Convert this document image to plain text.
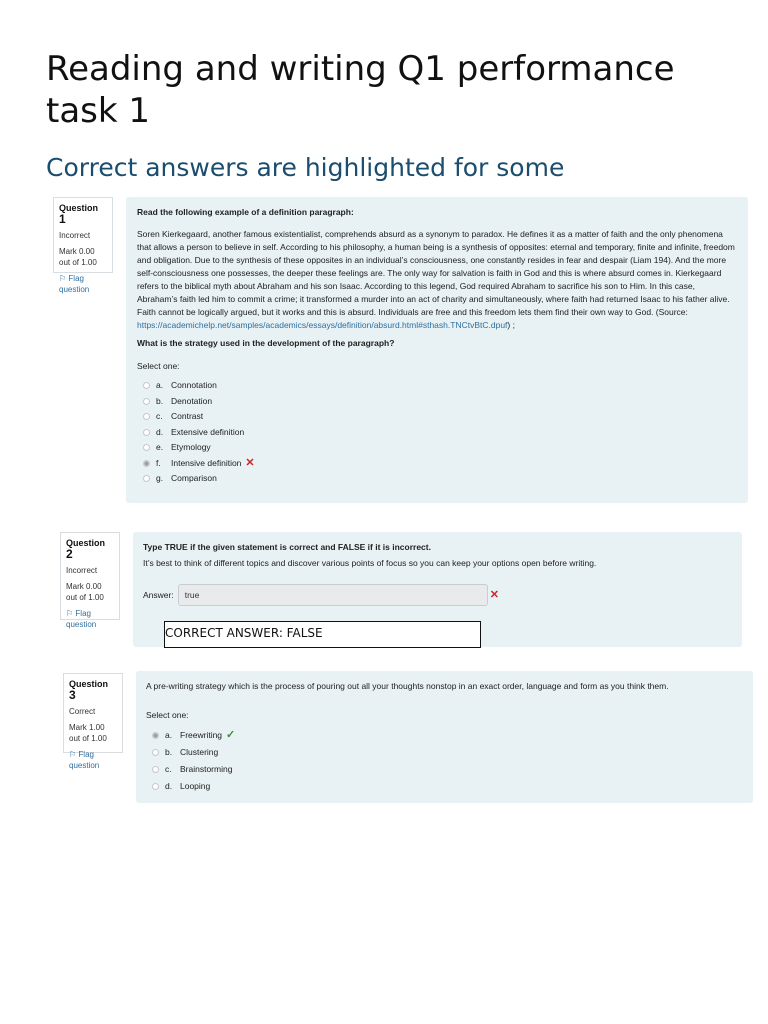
Reading and writing Q1 performance task 1
Correct answers are highlighted for some
Question 1
Incorrect
Mark 0.00 out of 1.00
⚐ Flag question
Read the following example of a definition paragraph:
Soren Kierkegaard, another famous existentialist, comprehends absurd as a synonym to paradox. He defines it as a matter of faith and the only phenomena that allows a person to believe in self. According to his philosophy, a human being is a synthesis of opposites: eternal and temporary, finite and infinite, freedom and obligation. Due to the synthesis of these opposites in an individual’s consciousness, one constantly resides in fear and despair (Liam 194). And the more self-consciousness one possesses, the deeper these feelings are. The only way for salvation is faith in God and this is where absurd comes in. Kierkegaard refers to the biblical myth about Abraham and his son Isaac. According to this legend, God required Abraham to sacrifice his son to Him. In this case, Abraham’s faith led him to commit a crime; it transformed a murder into an act of charity and simultaneously, where faith had returned Isaac to his father alive. Faith cannot be logically argued, but it works and this is absurd. Individuals are free and this freedom lets them find their own way to God. (Source: https://academichelp.net/samples/academics/essays/definition/absurd.html#sthash.TNCtvBtC.dpuf) ;
What is the strategy used in the development of the paragraph?
Select one:
a. Connotation
b. Denotation
c. Contrast
d. Extensive definition
e. Etymology
f.	Intensive definition ✕
g. Comparison
Question 2
Incorrect
Mark 0.00 out of 1.00
⚐ Flag question
Type TRUE if the given statement is correct and FALSE if it is incorrect.
It’s best to think of different topics and discover various points of focus so you can keep your options open before writing.
Answer:	true	✕
CORRECT ANSWER: FALSE
Question 3
Correct
Mark 1.00 out of 1.00
⚐ Flag question
A pre-writing strategy which is the process of pouring out all your thoughts nonstop in an exact order, language and form as you think them.
Select one:
a. Freewriting ✓
b. Clustering
c. Brainstorming
d. Looping
